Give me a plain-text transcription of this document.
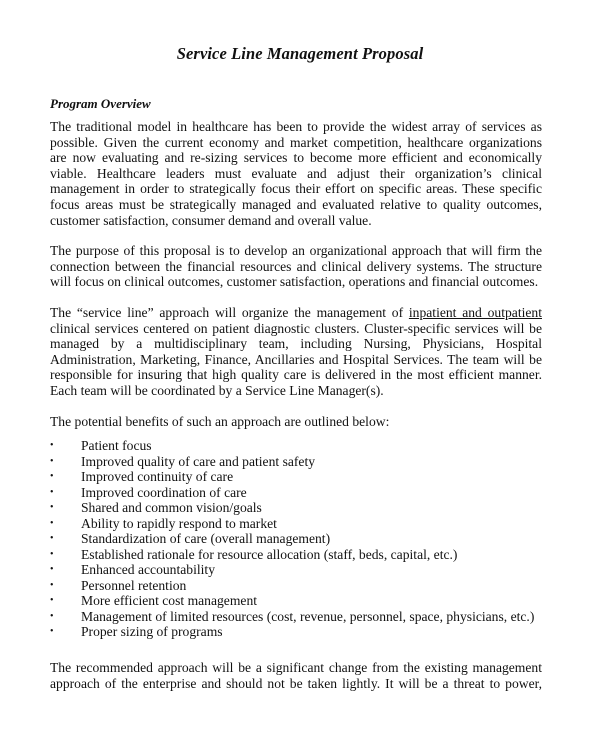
Service Line Management Proposal
Program Overview
The traditional model in healthcare has been to provide the widest array of services as
possible. Given the current economy and market competition, healthcare organizations
are now evaluating and re-sizing services to become more efficient and economically
viable. Healthcare leaders must evaluate and adjust their organization’s clinical
management in order to strategically focus their effort on specific areas. These specific
focus areas must be strategically managed and evaluated relative to quality outcomes,
customer satisfaction, consumer demand and overall value.
The purpose of this proposal is to develop an organizational approach that will firm the
connection between the financial resources and clinical delivery systems. The structure
will focus on clinical outcomes, customer satisfaction, operations and financial outcomes.
The “service line” approach will organize the management of inpatient and outpatient
clinical services centered on patient diagnostic clusters. Cluster-specific services will be
managed by a multidisciplinary team, including Nursing, Physicians, Hospital
Administration, Marketing, Finance, Ancillaries and Hospital Services. The team will be
responsible for insuring that high quality care is delivered in the most efficient manner.
Each team will be coordinated by a Service Line Manager(s).
The potential benefits of such an approach are outlined below:
•	Patient focus
•	Improved quality of care and patient safety
•	Improved continuity of care
•	Improved coordination of care
•	Shared and common vision/goals
•	Ability to rapidly respond to market
•	Standardization of care (overall management)
•	Established rationale for resource allocation (staff, beds, capital, etc.)
•	Enhanced accountability
•	Personnel retention
•	More efficient cost management
•	Management of limited resources (cost, revenue, personnel, space, physicians, etc.)
•	Proper sizing of programs
The recommended approach will be a significant change from the existing management
approach of the enterprise and should not be taken lightly. It will be a threat to power,
